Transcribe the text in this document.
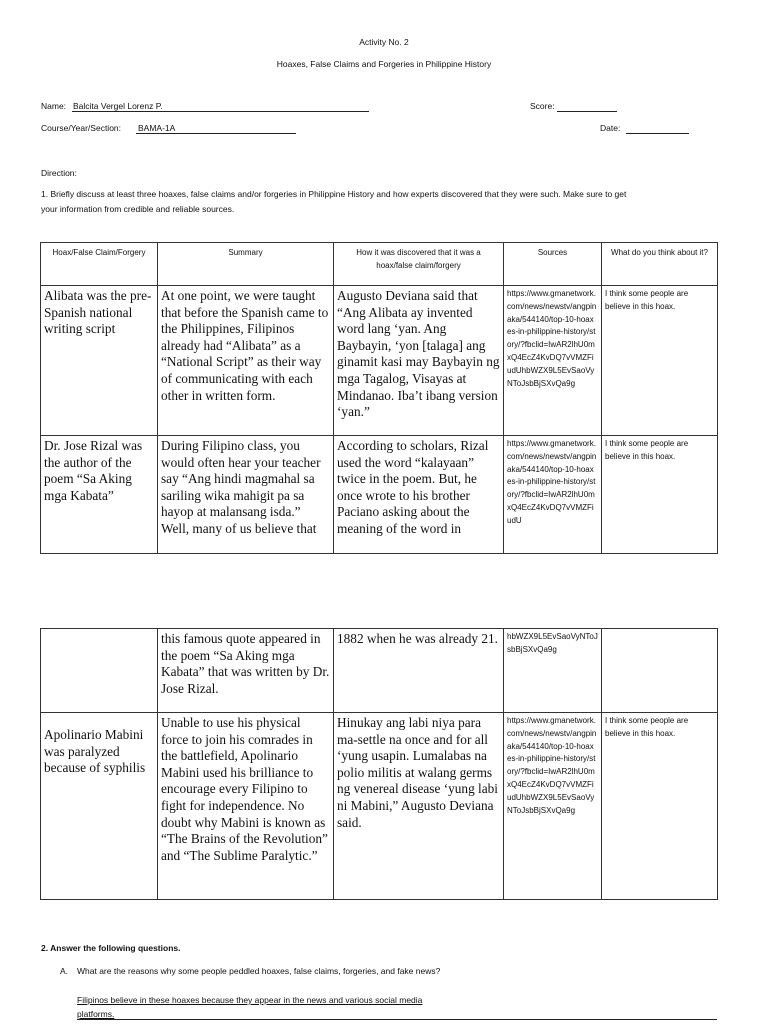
Activity No. 2
Hoaxes, False Claims and Forgeries in Philippine History
Name: Balcita Vergel Lorenz P.	Score:
Course/Year/Section: BAMA-1A	Date:
Direction:
1. Briefly discuss at least three hoaxes, false claims and/or forgeries in Philippine History and how experts discovered that they were such. Make sure to get
your information from credible and reliable sources.
Hoax/False Claim/Forgery	Summary	How it was discovered that it was a hoax/false claim/forgery	Sources	What do you think about it?
Alibata was the pre-Spanish national writing script	At one point, we were taught that before the Spanish came to the Philippines, Filipinos already had “Alibata” as a “National Script” as their way of communicating with each other in written form.	Augusto Deviana said that “Ang Alibata ay invented word lang ‘yan. Ang Baybayin, ‘yon [talaga] ang ginamit kasi may Baybayin ng mga Tagalog, Visayas at Mindanao. Iba’t ibang version ‘yan.”	https://www.gmanetwork.com/news/newstv/angpinaka/544140/top-10-hoaxes-in-philippine-history/story/?fbclid=IwAR2lhU0mxQ4EcZ4KvDQ7vVMZFiudUhbWZX9L5EvSaoVyNToJsbBjSXvQa9g	I think some people are believe in this hoax.
Dr. Jose Rizal was the author of the poem “Sa Aking mga Kabata”	During Filipino class, you would often hear your teacher say “Ang hindi magmahal sa sariling wika mahigit pa sa hayop at malansang isda.” Well, many of us believe that	According to scholars, Rizal used the word “kalayaan” twice in the poem. But, he once wrote to his brother Paciano asking about the meaning of the word in	https://www.gmanetwork.com/news/newstv/angpinaka/544140/top-10-hoaxes-in-philippine-history/story/?fbclid=IwAR2lhU0mxQ4EcZ4KvDQ7vVMZFiudU	I think some people are believe in this hoax.
	this famous quote appeared in the poem “Sa Aking mga Kabata” that was written by Dr. Jose Rizal.	1882 when he was already 21.	hbWZX9L5EvSaoVyNToJsbBjSXvQa9g	
Apolinario Mabini was paralyzed because of syphilis	Unable to use his physical force to join his comrades in the battlefield, Apolinario Mabini used his brilliance to encourage every Filipino to fight for independence. No doubt why Mabini is known as “The Brains of the Revolution” and “The Sublime Paralytic.”	Hinukay ang labi niya para ma-settle na once and for all ‘yung usapin. Lumalabas na polio militis at walang germs ng venereal disease ‘yung labi ni Mabini,” Augusto Deviana said.	https://www.gmanetwork.com/news/newstv/angpinaka/544140/top-10-hoaxes-in-philippine-history/story/?fbclid=IwAR2lhU0mxQ4EcZ4KvDQ7vVMZFiudUhbWZX9L5EvSaoVyNToJsbBjSXvQa9g	I think some people are believe in this hoax.
2. Answer the following questions.
A. What are the reasons why some people peddled hoaxes, false claims, forgeries, and fake news?
Filipinos believe in these hoaxes because they appear in the news and various social media
platforms.
